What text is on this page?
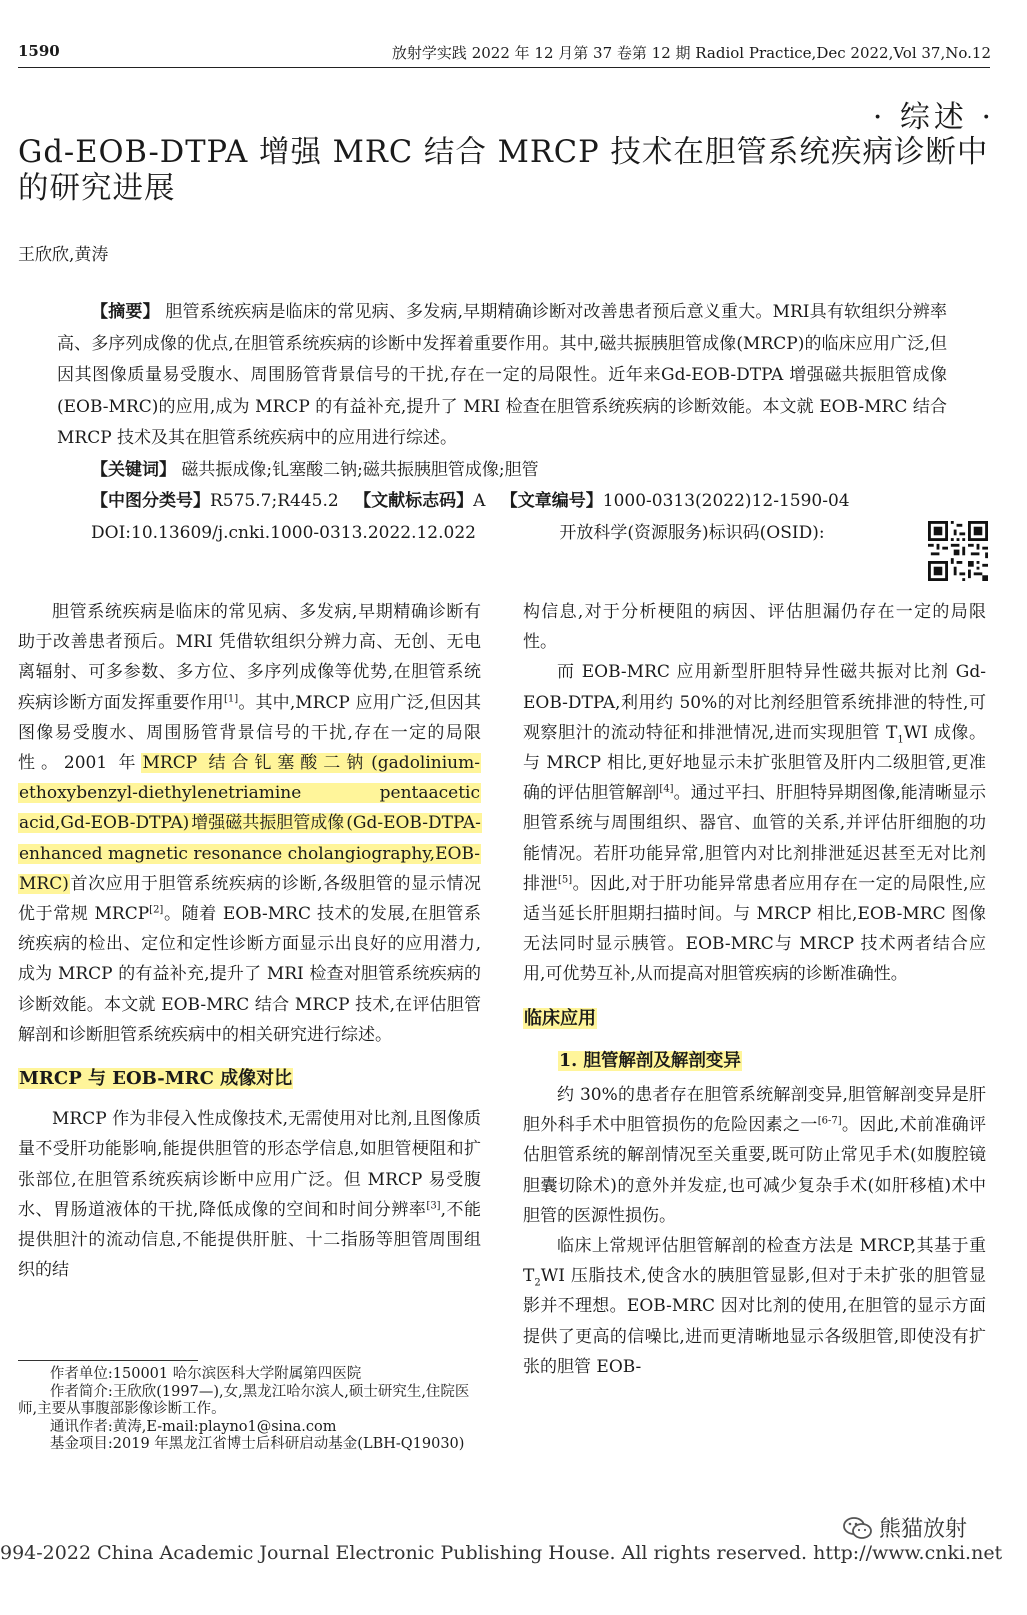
1590	放射学实践 2022 年 12 月第 37 卷第 12 期 Radiol Practice,Dec 2022,Vol 37,No.12
· 综述 ·
Gd-EOB-DTPA 增强 MRC 结合 MRCP 技术在胆管系统疾病诊断中的研究进展
王欣欣,黄涛
【摘要】 胆管系统疾病是临床的常见病、多发病,早期精确诊断对改善患者预后意义重大。MRI具有软组织分辨率高、多序列成像的优点,在胆管系统疾病的诊断中发挥着重要作用。其中,磁共振胰胆管成像(MRCP)的临床应用广泛,但因其图像质量易受腹水、周围肠管背景信号的干扰,存在一定的局限性。近年来Gd-EOB-DTPA 增强磁共振胆管成像(EOB-MRC)的应用,成为 MRCP 的有益补充,提升了 MRI 检查在胆管系统疾病的诊断效能。本文就 EOB-MRC 结合 MRCP 技术及其在胆管系统疾病中的应用进行综述。
【关键词】 磁共振成像;钆塞酸二钠;磁共振胰胆管成像;胆管
【中图分类号】R575.7;R445.2 【文献标志码】A 【文章编号】1000-0313(2022)12-1590-04
DOI:10.13609/j.cnki.1000-0313.2022.12.022	开放科学(资源服务)标识码(OSID):

胆管系统疾病是临床的常见病、多发病,早期精确诊断有助于改善患者预后。MRI 凭借软组织分辨力高、无创、无电离辐射、可多参数、多方位、多序列成像等优势,在胆管系统疾病诊断方面发挥重要作用[1]。其中,MRCP 应用广泛,但因其图像易受腹水、周围肠管背景信号的干扰,存在一定的局限性。2001 年MRCP 结合钆塞酸二钠 (gadolinium-ethoxybenzyl-diethylenetriamine pentaacetic acid,Gd-EOB-DTPA) 增强磁共振胆管成像 (Gd-EOB-DTPA-enhanced magnetic resonance cholangiography,EOB-MRC)首次应用于胆管系统疾病的诊断,各级胆管的显示情况优于常规 MRCP[2]。随着 EOB-MRC 技术的发展,在胆管系统疾病的检出、定位和定性诊断方面显示出良好的应用潜力,成为 MRCP 的有益补充,提升了 MRI 检查对胆管系统疾病的诊断效能。本文就 EOB-MRC 结合 MRCP 技术,在评估胆管解剖和诊断胆管系统疾病中的相关研究进行综述。

MRCP 与 EOB-MRC 成像对比

MRCP 作为非侵入性成像技术,无需使用对比剂,且图像质量不受肝功能影响,能提供胆管的形态学信息,如胆管梗阻和扩张部位,在胆管系统疾病诊断中应用广泛。但 MRCP 易受腹水、胃肠道液体的干扰,降低成像的空间和时间分辨率[3],不能提供胆汁的流动信息,不能提供肝脏、十二指肠等胆管周围组织的结

作者单位:150001 哈尔滨医科大学附属第四医院
作者简介:王欣欣(1997—),女,黑龙江哈尔滨人,硕士研究生,住院医师,主要从事腹部影像诊断工作。
通讯作者:黄涛,E-mail:playno1@sina.com
基金项目:2019 年黑龙江省博士后科研启动基金(LBH-Q19030)

构信息,对于分析梗阻的病因、评估胆漏仍存在一定的局限性。

而 EOB-MRC 应用新型肝胆特异性磁共振对比剂 Gd-EOB-DTPA,利用约 50%的对比剂经胆管系统排泄的特性,可观察胆汁的流动特征和排泄情况,进而实现胆管 $T_1WI$ 成像。与 MRCP 相比,更好地显示未扩张胆管及肝内二级胆管,更准确的评估胆管解剖[4]。通过平扫、肝胆特异期图像,能清晰显示胆管系统与周围组织、器官、血管的关系,并评估肝细胞的功能情况。若肝功能异常,胆管内对比剂排泄延迟甚至无对比剂排泄[5]。因此,对于肝功能异常患者应用存在一定的局限性,应适当延长肝胆期扫描时间。与 MRCP 相比,EOB-MRC 图像无法同时显示胰管。EOB-MRC与 MRCP 技术两者结合应用,可优势互补,从而提高对胆管疾病的诊断准确性。

临床应用
1. 胆管解剖及解剖变异

约 30%的患者存在胆管系统解剖变异,胆管解剖变异是肝胆外科手术中胆管损伤的危险因素之一[6-7]。因此,术前准确评估胆管系统的解剖情况至关重要,既可防止常见手术(如腹腔镜胆囊切除术)的意外并发症,也可减少复杂手术(如肝移植)术中胆管的医源性损伤。

临床上常规评估胆管解剖的检查方法是 MRCP,其基于重 $T_2WI$ 压脂技术,使含水的胰胆管显影,但对于未扩张的胆管显影并不理想。EOB-MRC 因对比剂的使用,在胆管的显示方面提供了更高的信噪比,进而更清晰地显示各级胆管,即使没有扩张的胆管 EOB-

熊猫放射
994-2022 China Academic Journal Electronic Publishing House. All rights reserved. http://www.cnki.net
